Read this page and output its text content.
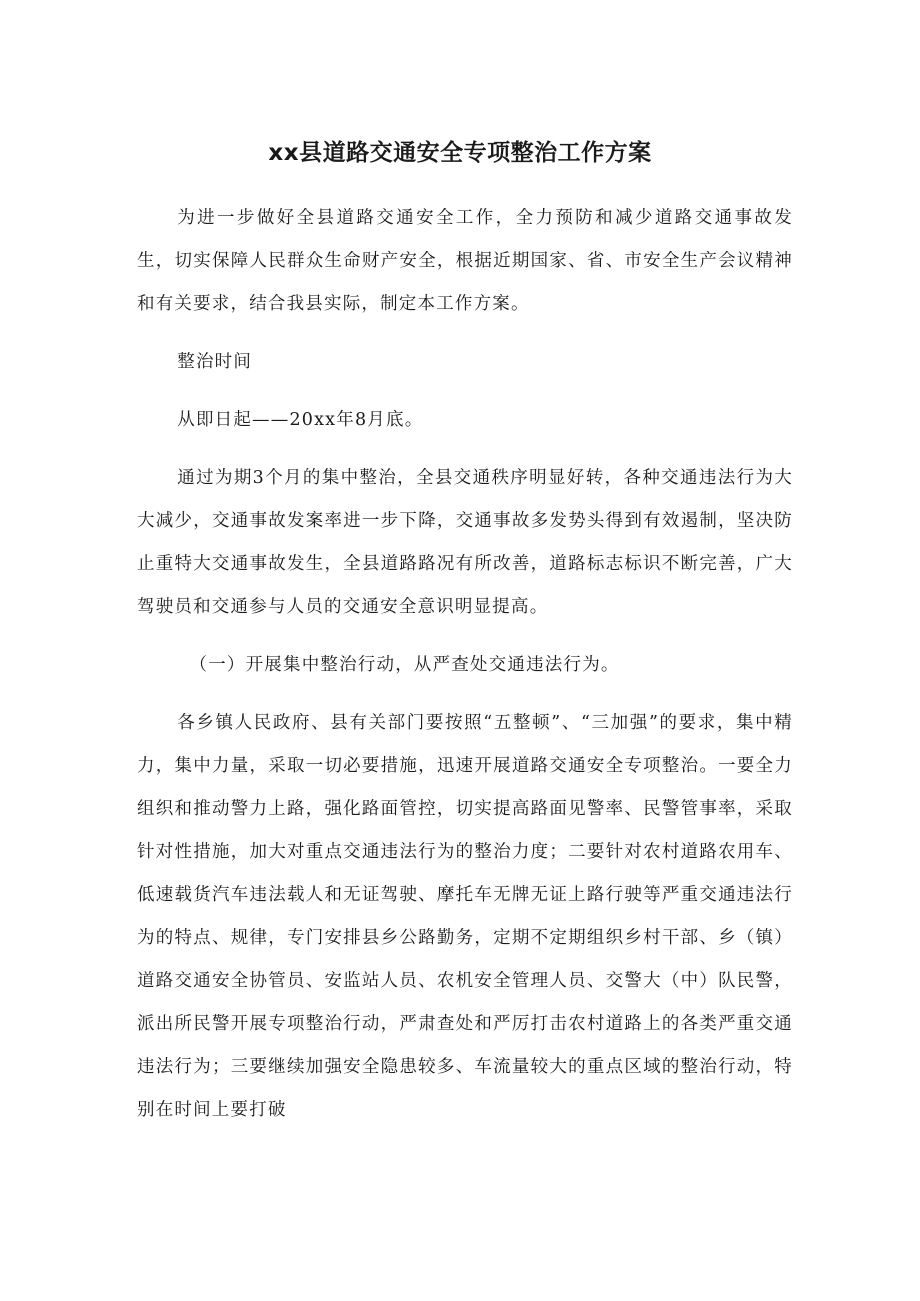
xx县道路交通安全专项整治工作方案

为进一步做好全县道路交通安全工作，全力预防和减少道路交通事故发生，切实保障人民群众生命财产安全，根据近期国家、省、市安全生产会议精神和有关要求，结合我县实际，制定本工作方案。

整治时间

从即日起——20xx年8月底。

通过为期3个月的集中整治，全县交通秩序明显好转，各种交通违法行为大大减少，交通事故发案率进一步下降，交通事故多发势头得到有效遏制，坚决防止重特大交通事故发生，全县道路路况有所改善，道路标志标识不断完善，广大驾驶员和交通参与人员的交通安全意识明显提高。

（一）开展集中整治行动，从严查处交通违法行为。

各乡镇人民政府、县有关部门要按照“五整顿”、“三加强”的要求，集中精力，集中力量，采取一切必要措施，迅速开展道路交通安全专项整治。一要全力组织和推动警力上路，强化路面管控，切实提高路面见警率、民警管事率，采取针对性措施，加大对重点交通违法行为的整治力度；二要针对农村道路农用车、低速载货汽车违法载人和无证驾驶、摩托车无牌无证上路行驶等严重交通违法行为的特点、规律，专门安排县乡公路勤务，定期不定期组织乡村干部、乡（镇）道路交通安全协管员、安监站人员、农机安全管理人员、交警大（中）队民警，派出所民警开展专项整治行动，严肃查处和严厉打击农村道路上的各类严重交通违法行为；三要继续加强安全隐患较多、车流量较大的重点区域的整治行动，特别在时间上要打破
